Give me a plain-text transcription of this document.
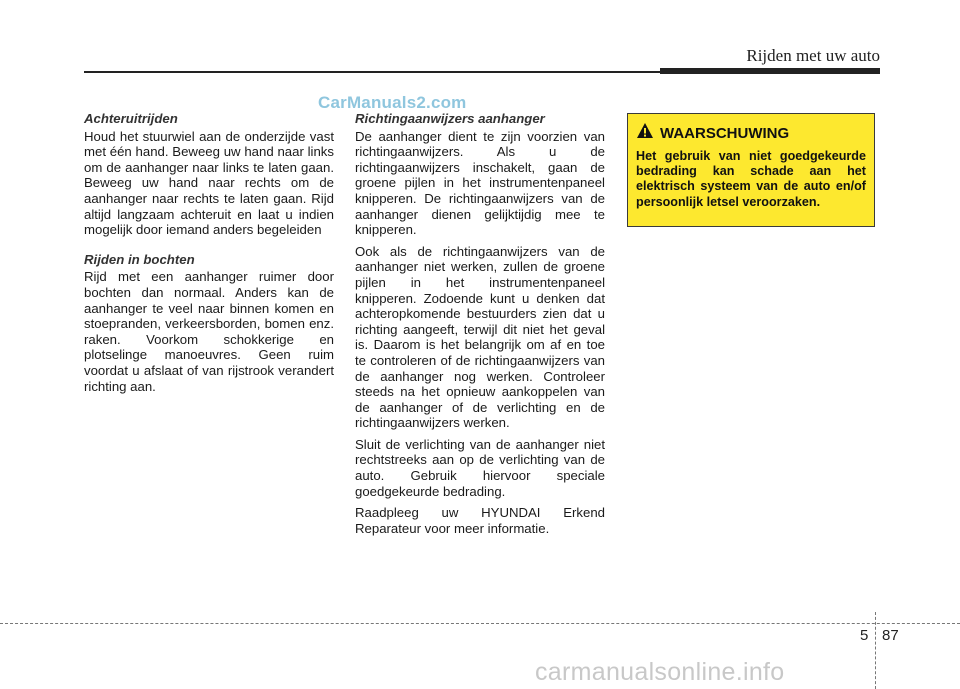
Rijden met uw auto
CarManuals2.com
Achteruitrijden

Houd het stuurwiel aan de onderzijde vast met één hand. Beweeg uw hand naar links om de aanhanger naar links te laten gaan. Beweeg uw hand naar rechts om de aanhanger naar rechts te laten gaan. Rijd altijd langzaam achteruit en laat u indien mogelijk door iemand anders begeleiden

Rijden in bochten

Rijd met een aanhanger ruimer door bochten dan normaal. Anders kan de aanhanger te veel naar binnen komen en stoepranden, verkeersborden, bomen enz. raken. Voorkom schokkerige en plotselinge manoeuvres. Geen ruim voordat u afslaat of van rijstrook verandert richting aan.

Richtingaanwijzers aanhanger

De aanhanger dient te zijn voorzien van richtingaanwijzers. Als u de richtingaanwijzers inschakelt, gaan de groene pijlen in het instrumentenpaneel knipperen. De richtingaanwijzers van de aanhanger dienen gelijktijdig mee te knipperen.

Ook als de richtingaanwijzers van de aanhanger niet werken, zullen de groene pijlen in het instrumentenpaneel knipperen. Zodoende kunt u denken dat achteropkomende bestuurders zien dat u richting aangeeft, terwijl dit niet het geval is. Daarom is het belangrijk om af en toe te controleren of de richtingaanwijzers van de aanhanger nog werken. Controleer steeds na het opnieuw aankoppelen van de aanhanger of de verlichting en de richtingaanwijzers werken.

Sluit de verlichting van de aanhanger niet rechtstreeks aan op de verlichting van de auto. Gebruik hiervoor speciale goedgekeurde bedrading.

Raadpleeg uw HYUNDAI Erkend Reparateur voor meer informatie.

WAARSCHUWING

Het gebruik van niet goedgekeurde bedrading kan schade aan het elektrisch systeem van de auto en/of persoonlijk letsel veroorzaken.

5 87
carmanualsonline.info
